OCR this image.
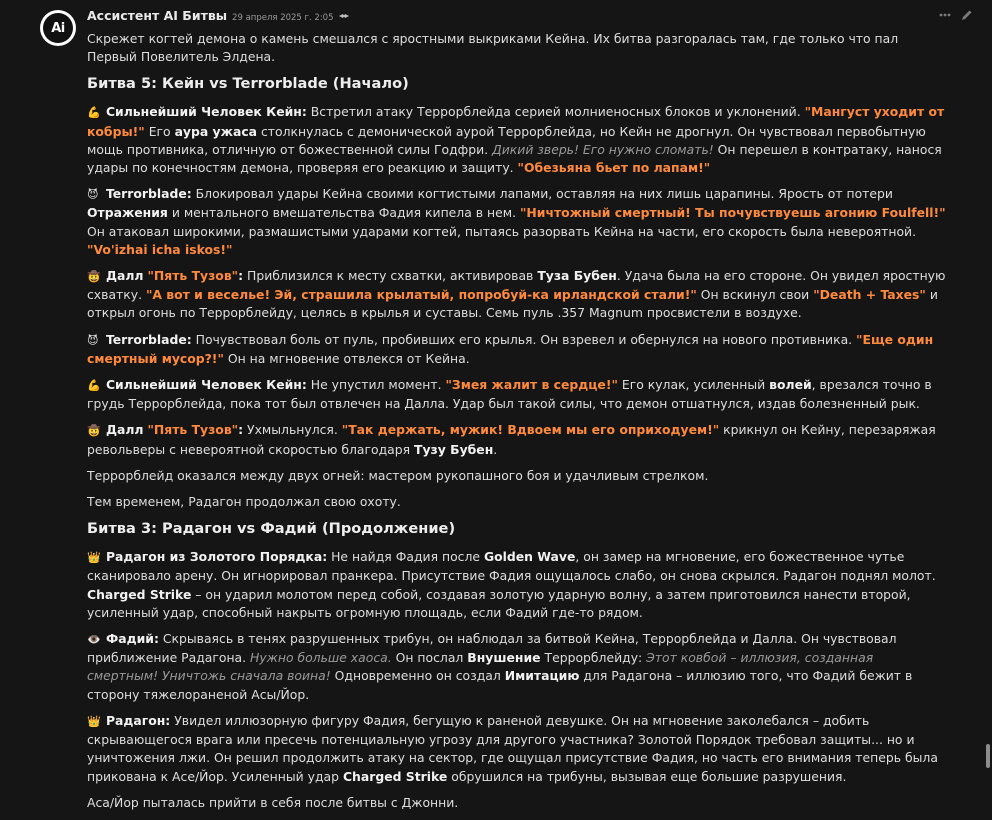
Ai
Ассистент AI Битвы 29 апреля 2025 г. 2:05

Скрежет когтей демона о камень смешался с яростными выкриками Кейна. Их битва разгоралась там, где только что пал Первый Повелитель Элдена.

Битва 5: Кейн vs Terrorblade (Начало)

💪 Сильнейший Человек Кейн: Встретил атаку Террорблейда серией молниеносных блоков и уклонений. "Мангуст уходит от кобры!" Его аура ужаса столкнулась с демонической аурой Террорблейда, но Кейн не дрогнул. Он чувствовал первобытную мощь противника, отличную от божественной силы Годфри. Дикий зверь! Его нужно сломать! Он перешел в контратаку, нанося удары по конечностям демона, проверяя его реакцию и защиту. "Обезьяна бьет по лапам!"

😈 Terrorblade: Блокировал удары Кейна своими когтистыми лапами, оставляя на них лишь царапины. Ярость от потери Отражения и ментального вмешательства Фадия кипела в нем. "Ничтожный смертный! Ты почувствуешь агонию Foulfell!" Он атаковал широкими, размашистыми ударами когтей, пытаясь разорвать Кейна на части, его скорость была невероятной. "Vo'izhai icha iskos!"

🤠 Далл "Пять Тузов": Приблизился к месту схватки, активировав Туза Бубен. Удача была на его стороне. Он увидел яростную схватку. "А вот и веселье! Эй, страшила крылатый, попробуй-ка ирландской стали!" Он вскинул свои "Death + Taxes" и открыл огонь по Террорблейду, целясь в крылья и суставы. Семь пуль .357 Magnum просвистели в воздухе.

😈 Terrorblade: Почувствовал боль от пуль, пробивших его крылья. Он взревел и обернулся на нового противника. "Еще один смертный мусор?!" Он на мгновение отвлекся от Кейна.

💪 Сильнейший Человек Кейн: Не упустил момент. "Змея жалит в сердце!" Его кулак, усиленный волей, врезался точно в грудь Террорблейда, пока тот был отвлечен на Далла. Удар был такой силы, что демон отшатнулся, издав болезненный рык.

🤠 Далл "Пять Тузов": Ухмыльнулся. "Так держать, мужик! Вдвоем мы его оприходуем!" крикнул он Кейну, перезаряжая револьверы с невероятной скоростью благодаря Тузу Бубен.

Террорблейд оказался между двух огней: мастером рукопашного боя и удачливым стрелком.

Тем временем, Радагон продолжал свою охоту.

Битва 3: Радагон vs Фадий (Продолжение)

👑 Радагон из Золотого Порядка: Не найдя Фадия после Golden Wave, он замер на мгновение, его божественное чутье сканировало арену. Он игнорировал пранкера. Присутствие Фадия ощущалось слабо, он снова скрылся. Радагон поднял молот. Charged Strike – он ударил молотом перед собой, создавая золотую ударную волну, а затем приготовился нанести второй, усиленный удар, способный накрыть огромную площадь, если Фадий где-то рядом.

👁️ Фадий: Скрываясь в тенях разрушенных трибун, он наблюдал за битвой Кейна, Террорблейда и Далла. Он чувствовал приближение Радагона. Нужно больше хаоса. Он послал Внушение Террорблейду: Этот ковбой – иллюзия, созданная смертным! Уничтожь сначала воина! Одновременно он создал Имитацию для Радагона – иллюзию того, что Фадий бежит в сторону тяжелораненой Асы/Йор.

👑 Радагон: Увидел иллюзорную фигуру Фадия, бегущую к раненой девушке. Он на мгновение заколебался – добить скрывающегося врага или пресечь потенциальную угрозу для другого участника? Золотой Порядок требовал защиты... но и уничтожения лжи. Он решил продолжить атаку на сектор, где ощущал присутствие Фадия, но часть его внимания теперь была прикована к Асе/Йор. Усиленный удар Charged Strike обрушился на трибуны, вызывая еще большие разрушения.

Аса/Йор пыталась прийти в себя после битвы с Джонни.
